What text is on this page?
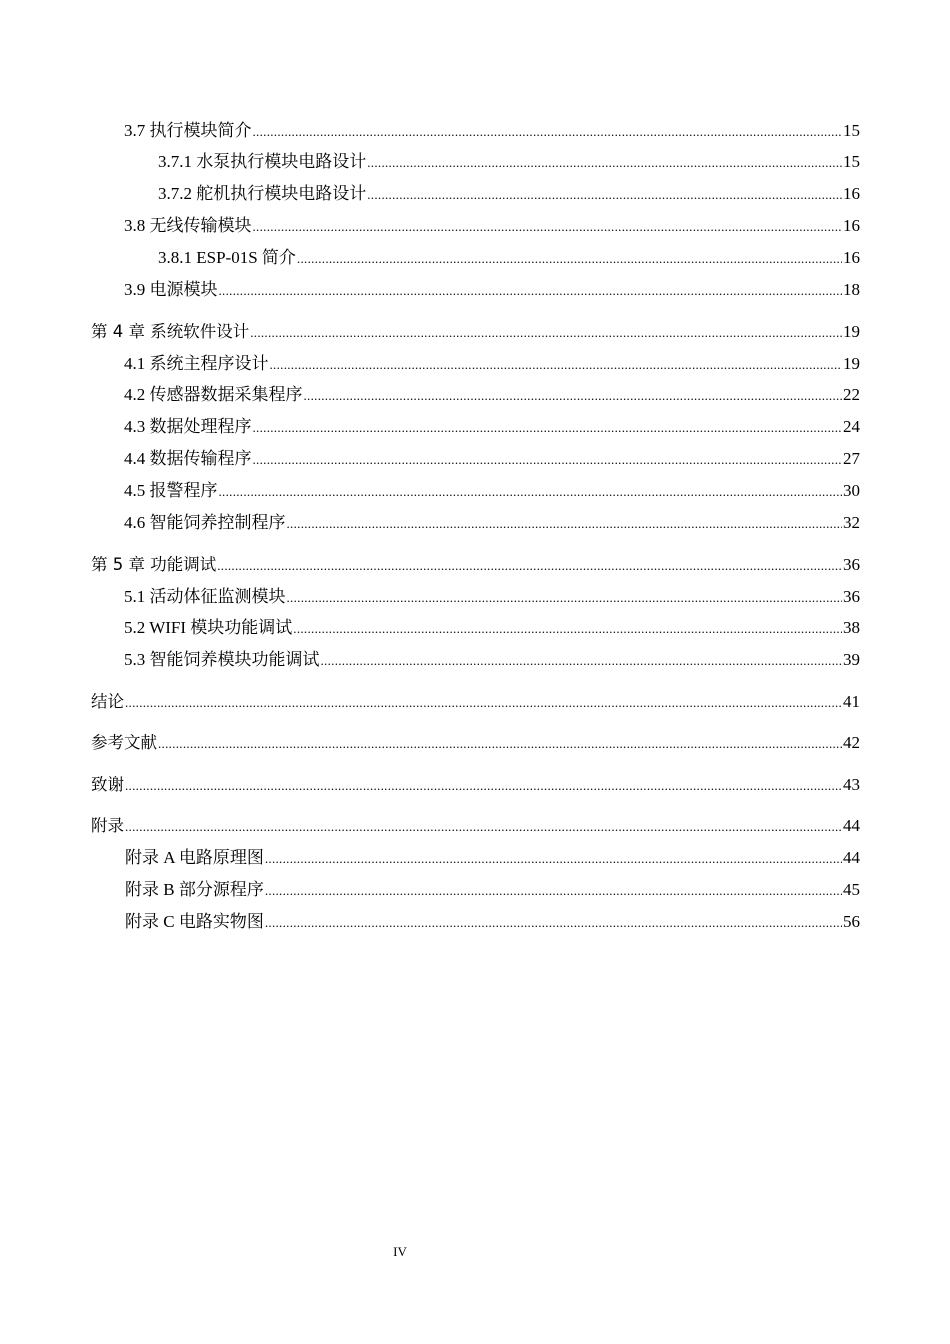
3.7 执行模块简介 .....	15
3.7.1 水泵执行模块电路设计 .....	15
3.7.2 舵机执行模块电路设计 .....	16
3.8 无线传输模块 .....	16
3.8.1 ESP-01S 简介 .....	16
3.9 电源模块 .....	18
第 4 章 系统软件设计 .....	19
4.1 系统主程序设计 .....	19
4.2 传感器数据采集程序 .....	22
4.3 数据处理程序 .....	24
4.4 数据传输程序 .....	27
4.5 报警程序 .....	30
4.6 智能饲养控制程序 .....	32
第 5 章 功能调试 .....	36
5.1 活动体征监测模块 .....	36
5.2 WIFI 模块功能调试 .....	38
5.3 智能饲养模块功能调试 .....	39
结论 .....	41
参考文献 .....	42
致谢 .....	43
附录 .....	44
附录 A 电路原理图 .....	44
附录 B 部分源程序 .....	45
附录 C 电路实物图 .....	56
IV
